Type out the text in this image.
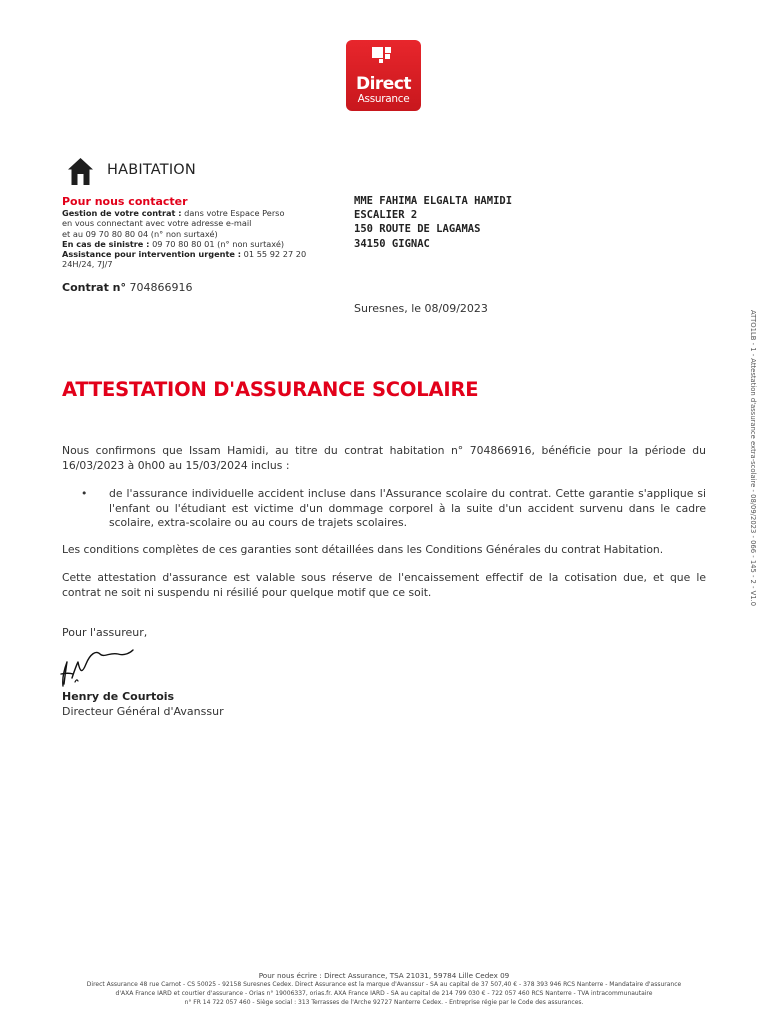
Direct
Assurance
HABITATION
Pour nous contacter
Gestion de votre contrat : dans votre Espace Perso
en vous connectant avec votre adresse e-mail
et au 09 70 80 80 04 (n° non surtaxé)
En cas de sinistre : 09 70 80 80 01 (n° non surtaxé)
Assistance pour intervention urgente : 01 55 92 27 20
24H/24, 7J/7
Contrat n° 704866916
MME FAHIMA ELGALTA HAMIDI
ESCALIER 2
150 ROUTE DE LAGAMAS
34150 GIGNAC
Suresnes, le 08/09/2023
ATTO1LB - 1 - Attestation d'assurance extra-scolaire - 08/09/2023 - 066 - 145 - 2 - V1.0
ATTESTATION D'ASSURANCE SCOLAIRE
Nous confirmons que Issam Hamidi, au titre du contrat habitation n° 704866916, bénéficie pour la période du 16/03/2023 à 0h00 au 15/03/2024 inclus :
• de l'assurance individuelle accident incluse dans l'Assurance scolaire du contrat. Cette garantie s'applique si l'enfant ou l'étudiant est victime d'un dommage corporel à la suite d'un accident survenu dans le cadre scolaire, extra-scolaire ou au cours de trajets scolaires.
Les conditions complètes de ces garanties sont détaillées dans les Conditions Générales du contrat Habitation.
Cette attestation d'assurance est valable sous réserve de l'encaissement effectif de la cotisation due, et que le contrat ne soit ni suspendu ni résilié pour quelque motif que ce soit.
Pour l'assureur,
Henry de Courtois
Directeur Général d'Avanssur
Pour nous écrire : Direct Assurance, TSA 21031, 59784 Lille Cedex 09
Direct Assurance 48 rue Carnot - CS 50025 - 92158 Suresnes Cedex. Direct Assurance est la marque d'Avanssur - SA au capital de 37 507,40 € - 378 393 946 RCS Nanterre - Mandataire d'assurance
d'AXA France IARD et courtier d'assurance - Orias n° 19006337, orias.fr. AXA France IARD - SA au capital de 214 799 030 € - 722 057 460 RCS Nanterre - TVA intracommunautaire
n° FR 14 722 057 460 - Siège social : 313 Terrasses de l'Arche 92727 Nanterre Cedex. - Entreprise régie par le Code des assurances.
